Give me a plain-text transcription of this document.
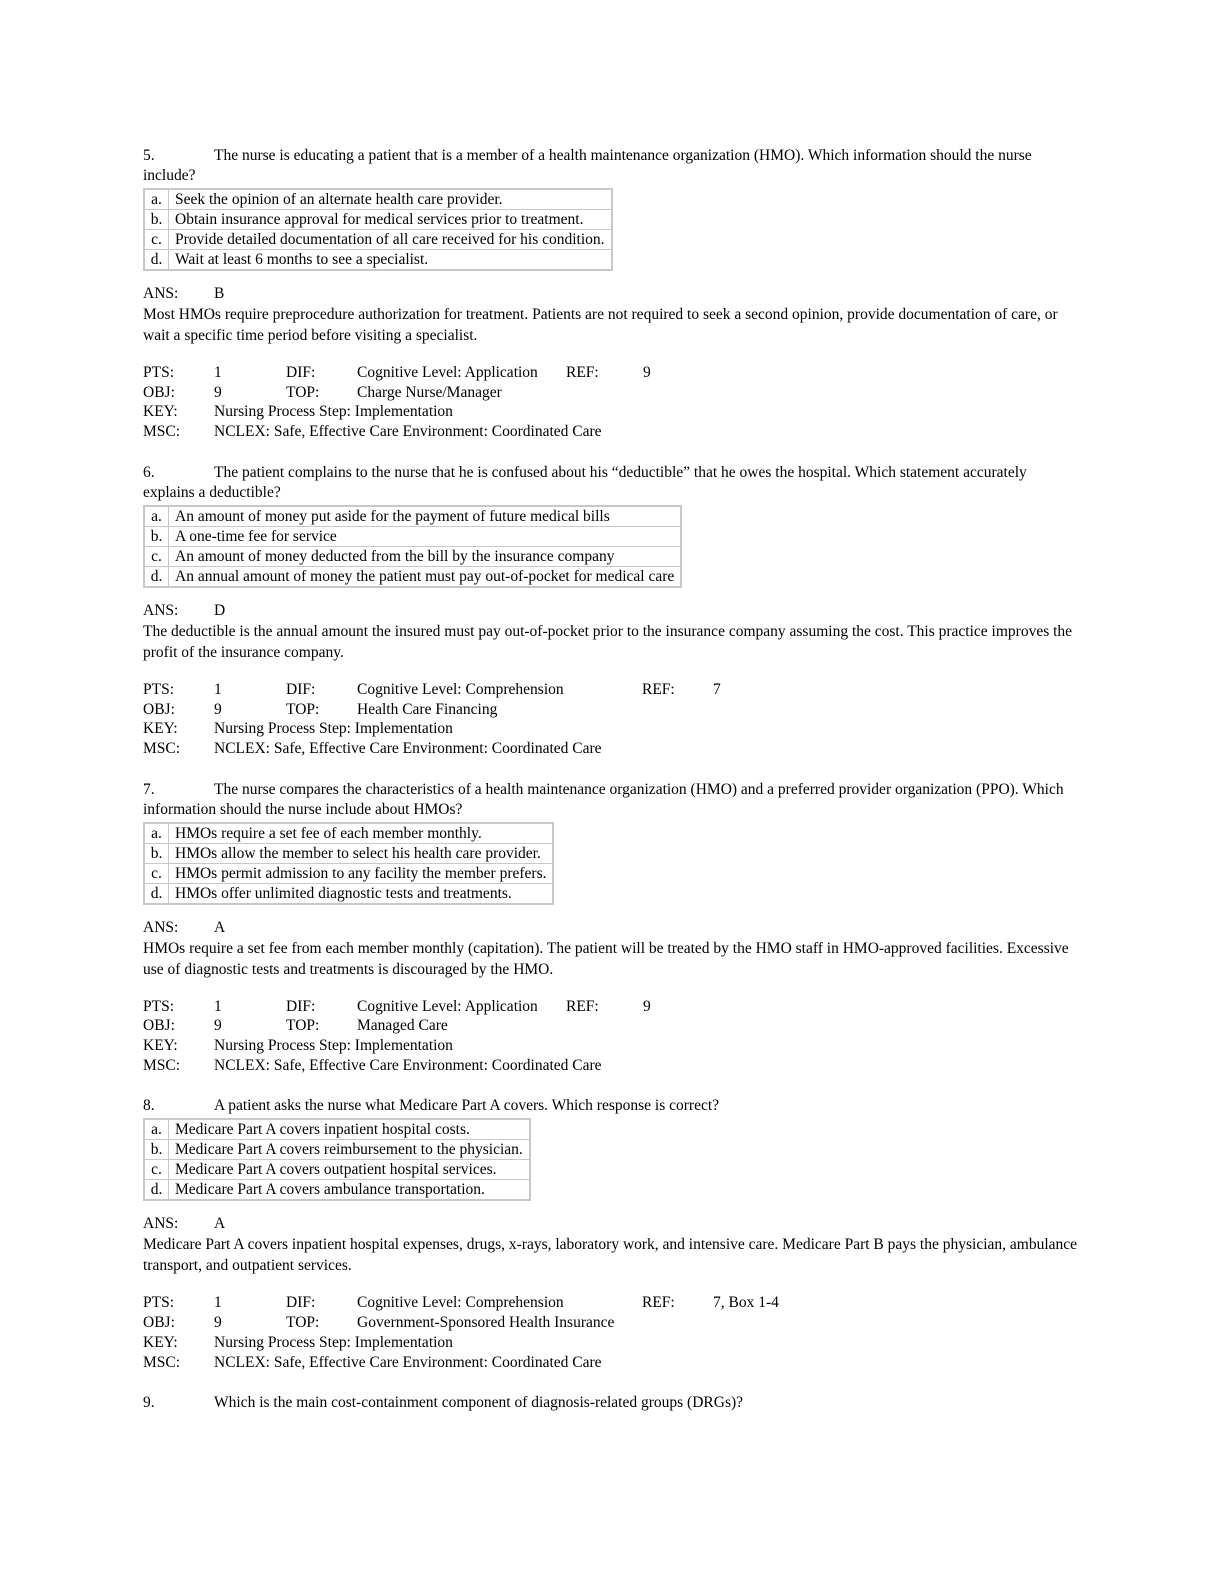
5.	The nurse is educating a patient that is a member of a health maintenance organization (HMO). Which information should the nurse include?
a.	Seek the opinion of an alternate health care provider.
b.	Obtain insurance approval for medical services prior to treatment.
c.	Provide detailed documentation of all care received for his condition.
d.	Wait at least 6 months to see a specialist.
ANS: B
Most HMOs require preprocedure authorization for treatment. Patients are not required to seek a second opinion, provide documentation of care, or wait a specific time period before visiting a specialist.
PTS:	1	DIF:	Cognitive Level: Application	REF:	9
OBJ:	9	TOP:	Charge Nurse/Manager
KEY:	Nursing Process Step: Implementation
MSC:	NCLEX: Safe, Effective Care Environment: Coordinated Care
6.	The patient complains to the nurse that he is confused about his “deductible” that he owes the hospital. Which statement accurately explains a deductible?
a.	An amount of money put aside for the payment of future medical bills
b.	A one-time fee for service
c.	An amount of money deducted from the bill by the insurance company
d.	An annual amount of money the patient must pay out-of-pocket for medical care
ANS: D
The deductible is the annual amount the insured must pay out-of-pocket prior to the insurance company assuming the cost. This practice improves the profit of the insurance company.
PTS:	1	DIF:	Cognitive Level: Comprehension	REF:	7
OBJ:	9	TOP:	Health Care Financing
KEY:	Nursing Process Step: Implementation
MSC:	NCLEX: Safe, Effective Care Environment: Coordinated Care
7.	The nurse compares the characteristics of a health maintenance organization (HMO) and a preferred provider organization (PPO). Which information should the nurse include about HMOs?
a.	HMOs require a set fee of each member monthly.
b.	HMOs allow the member to select his health care provider.
c.	HMOs permit admission to any facility the member prefers.
d.	HMOs offer unlimited diagnostic tests and treatments.
ANS: A
HMOs require a set fee from each member monthly (capitation). The patient will be treated by the HMO staff in HMO-approved facilities. Excessive use of diagnostic tests and treatments is discouraged by the HMO.
PTS:	1	DIF:	Cognitive Level: Application	REF:	9
OBJ:	9	TOP:	Managed Care
KEY:	Nursing Process Step: Implementation
MSC:	NCLEX: Safe, Effective Care Environment: Coordinated Care
8.	A patient asks the nurse what Medicare Part A covers. Which response is correct?
a.	Medicare Part A covers inpatient hospital costs.
b.	Medicare Part A covers reimbursement to the physician.
c.	Medicare Part A covers outpatient hospital services.
d.	Medicare Part A covers ambulance transportation.
ANS: A
Medicare Part A covers inpatient hospital expenses, drugs, x-rays, laboratory work, and intensive care. Medicare Part B pays the physician, ambulance transport, and outpatient services.
PTS:	1	DIF:	Cognitive Level: Comprehension	REF:	7, Box 1-4
OBJ:	9	TOP:	Government-Sponsored Health Insurance
KEY:	Nursing Process Step: Implementation
MSC:	NCLEX: Safe, Effective Care Environment: Coordinated Care
9.	Which is the main cost-containment component of diagnosis-related groups (DRGs)?
